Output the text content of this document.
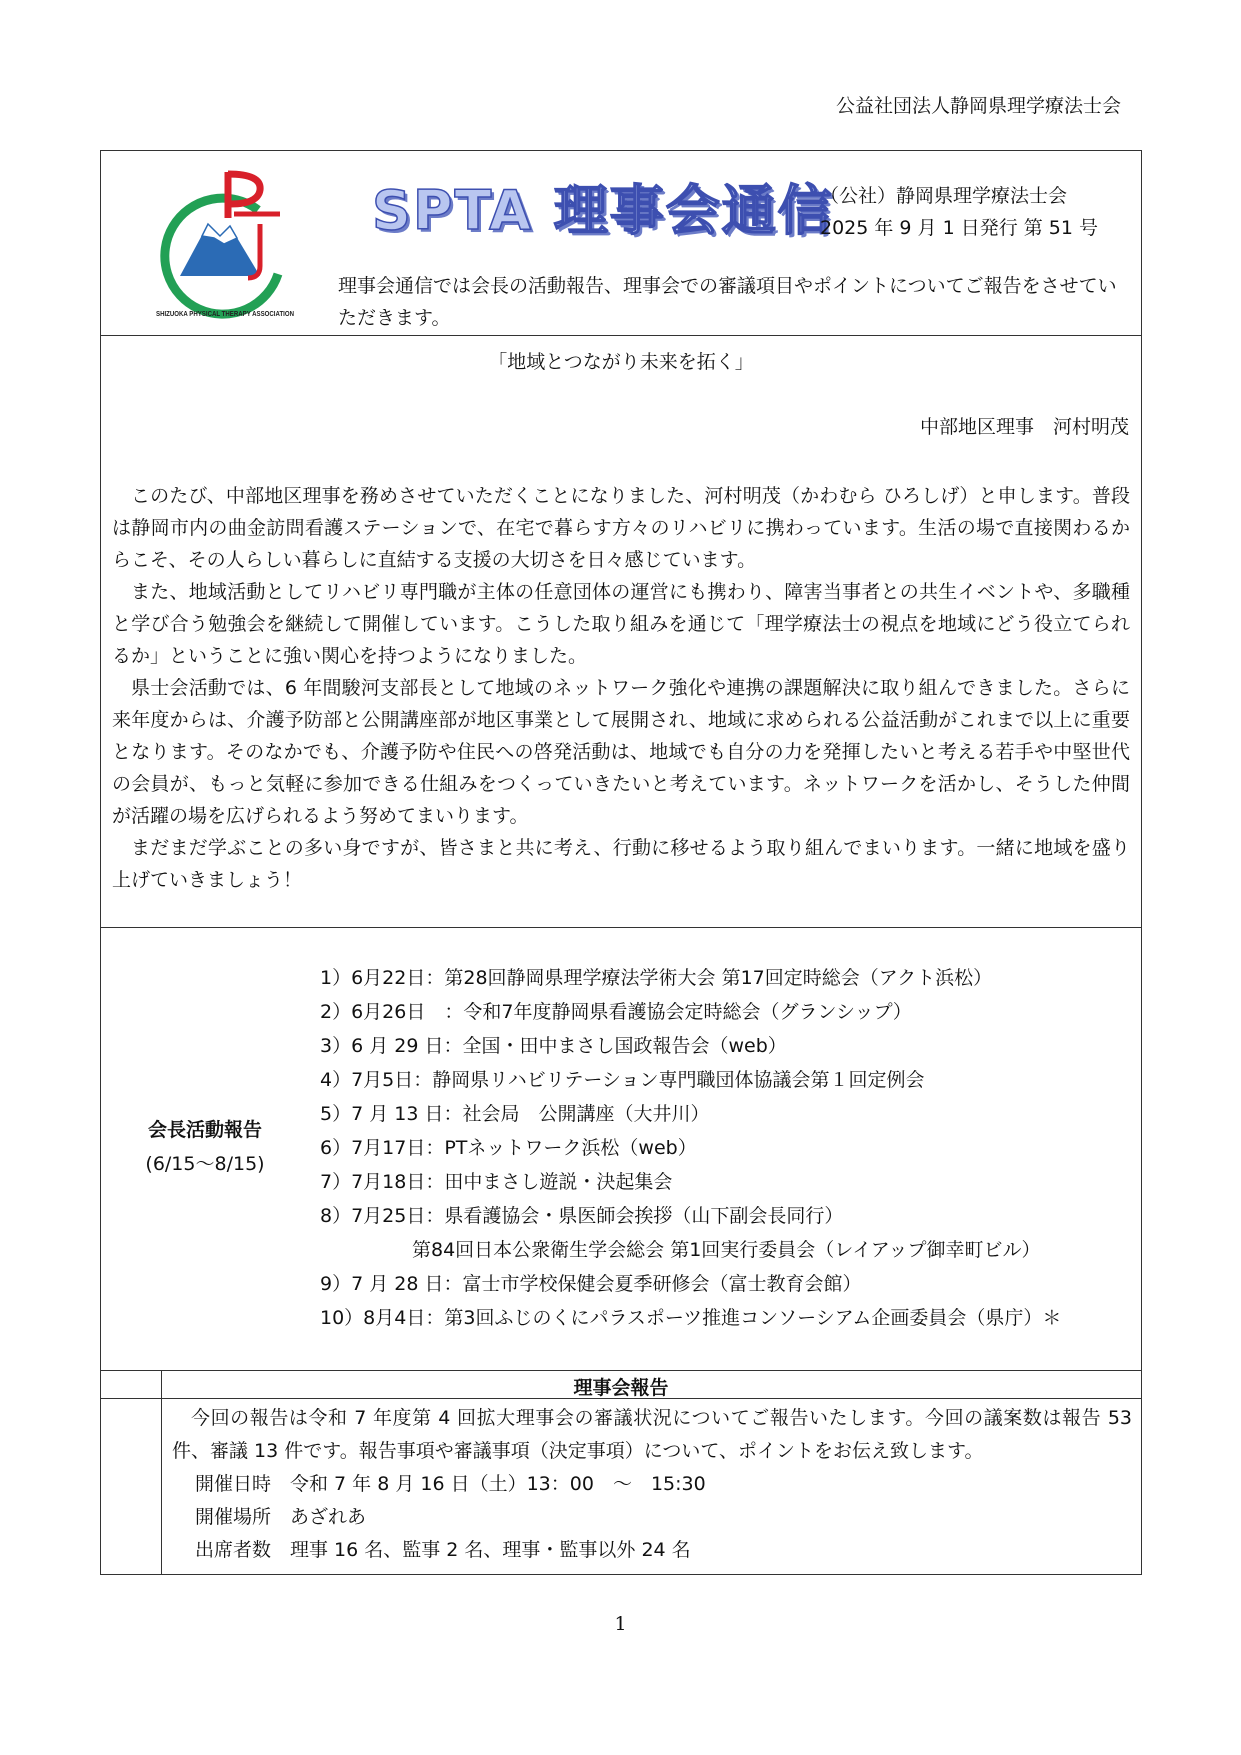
公益社団法人静岡県理学療法士会
SHIZUOKA PHYSICAL THERAPY ASSOCIATION
SPTA 理事会通信
（公社）静岡県理学療法士会
2025 年 9 月 1 日発行 第 51 号
理事会通信では会長の活動報告、理事会での審議項目やポイントについてご報告をさせていただきます。
「地域とつながり未来を拓く」
中部地区理事　河村明茂

このたび、中部地区理事を務めさせていただくことになりました、河村明茂（かわむら ひろしげ）と申します。普段は静岡市内の曲金訪問看護ステーションで、在宅で暮らす方々のリハビリに携わっています。生活の場で直接関わるからこそ、その人らしい暮らしに直結する支援の大切さを日々感じています。

また、地域活動としてリハビリ専門職が主体の任意団体の運営にも携わり、障害当事者との共生イベントや、多職種と学び合う勉強会を継続して開催しています。こうした取り組みを通じて「理学療法士の視点を地域にどう役立てられるか」ということに強い関心を持つようになりました。

県士会活動では、6 年間駿河支部長として地域のネットワーク強化や連携の課題解決に取り組んできました。さらに来年度からは、介護予防部と公開講座部が地区事業として展開され、地域に求められる公益活動がこれまで以上に重要となります。そのなかでも、介護予防や住民への啓発活動は、地域でも自分の力を発揮したいと考える若手や中堅世代の会員が、もっと気軽に参加できる仕組みをつくっていきたいと考えています。ネットワークを活かし、そうした仲間が活躍の場を広げられるよう努めてまいります。

まだまだ学ぶことの多い身ですが、皆さまと共に考え、行動に移せるよう取り組んでまいります。一緒に地域を盛り上げていきましょう！

会長活動報告
(6/15～8/15)
1）6月22日：第28回静岡県理学療法学術大会 第17回定時総会（アクト浜松）
2）6月26日　：令和7年度静岡県看護協会定時総会（グランシップ）
3）6 月 29 日：全国・田中まさし国政報告会（web）
4）7月5日：静岡県リハビリテーション専門職団体協議会第１回定例会
5）7 月 13 日：社会局　公開講座（大井川）
6）7月17日：PTネットワーク浜松（web）
7）7月18日：田中まさし遊説・決起集会
8）7月25日：県看護協会・県医師会挨拶（山下副会長同行）
第84回日本公衆衛生学会総会 第1回実行委員会（レイアップ御幸町ビル）
9）7 月 28 日：富士市学校保健会夏季研修会（富士教育会館）
10）8月4日：第3回ふじのくにパラスポーツ推進コンソーシアム企画委員会（県庁）＊
理事会報告

今回の報告は令和 7 年度第 4 回拡大理事会の審議状況についてご報告いたします。今回の議案数は報告 53 件、審議 13 件です。報告事項や審議事項（決定事項）について、ポイントをお伝え致します。

開催日時　令和 7 年 8 月 16 日（土）13：00　～　15:30
開催場所　あざれあ
出席者数　理事 16 名、監事 2 名、理事・監事以外 24 名
1
